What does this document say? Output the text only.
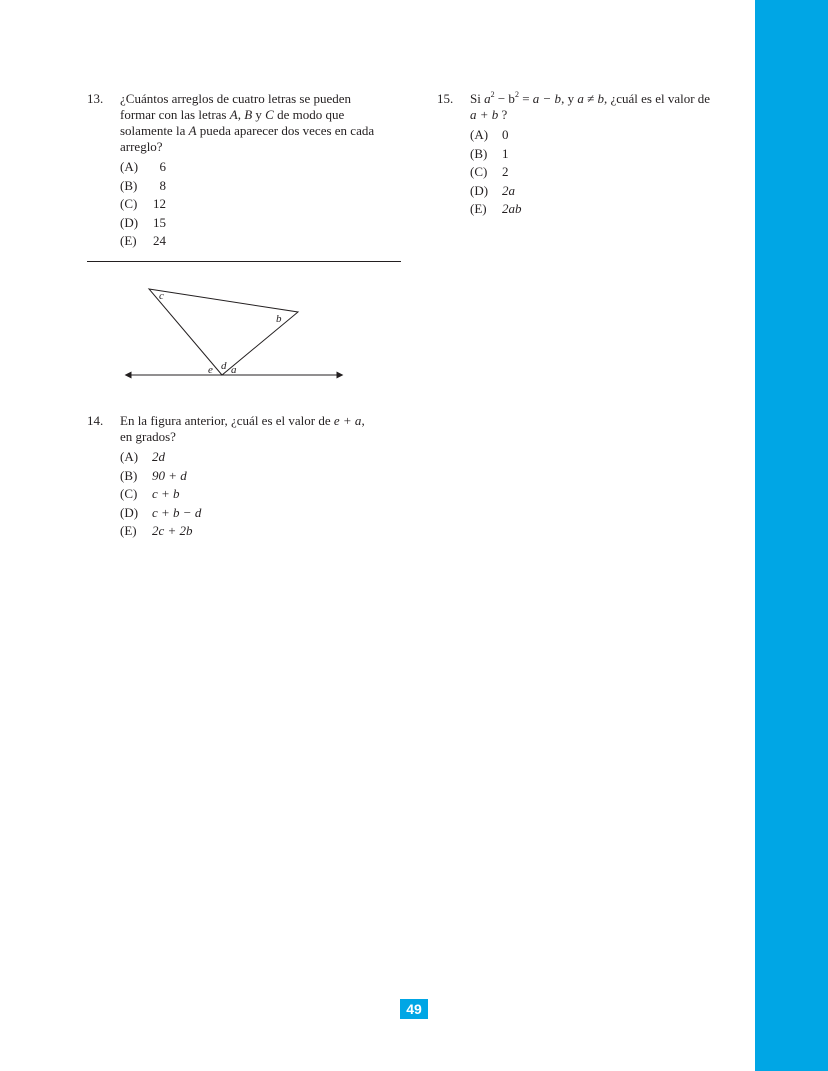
13. ¿Cuántos arreglos de cuatro letras se pueden
formar con las letras A, B y C de modo que
solamente la A pueda aparecer dos veces en cada
arreglo?

(A)	6
(B)	8
(C)	12
(D)	15
(E)	24
c
b
d
e a
14. En la figura anterior, ¿cuál es el valor de e + a,
en grados?

(A)	2d
(B)	90 + d
(C)	c + b
(D)	c + b − d
(E)	2c + 2b
15. Si $a^2 - b^2 = a - b$, y a ≠ b, ¿cuál es el valor de
a + b ?

(A)	0
(B)	1
(C)	2
(D)	2a
(E)	2ab
49
